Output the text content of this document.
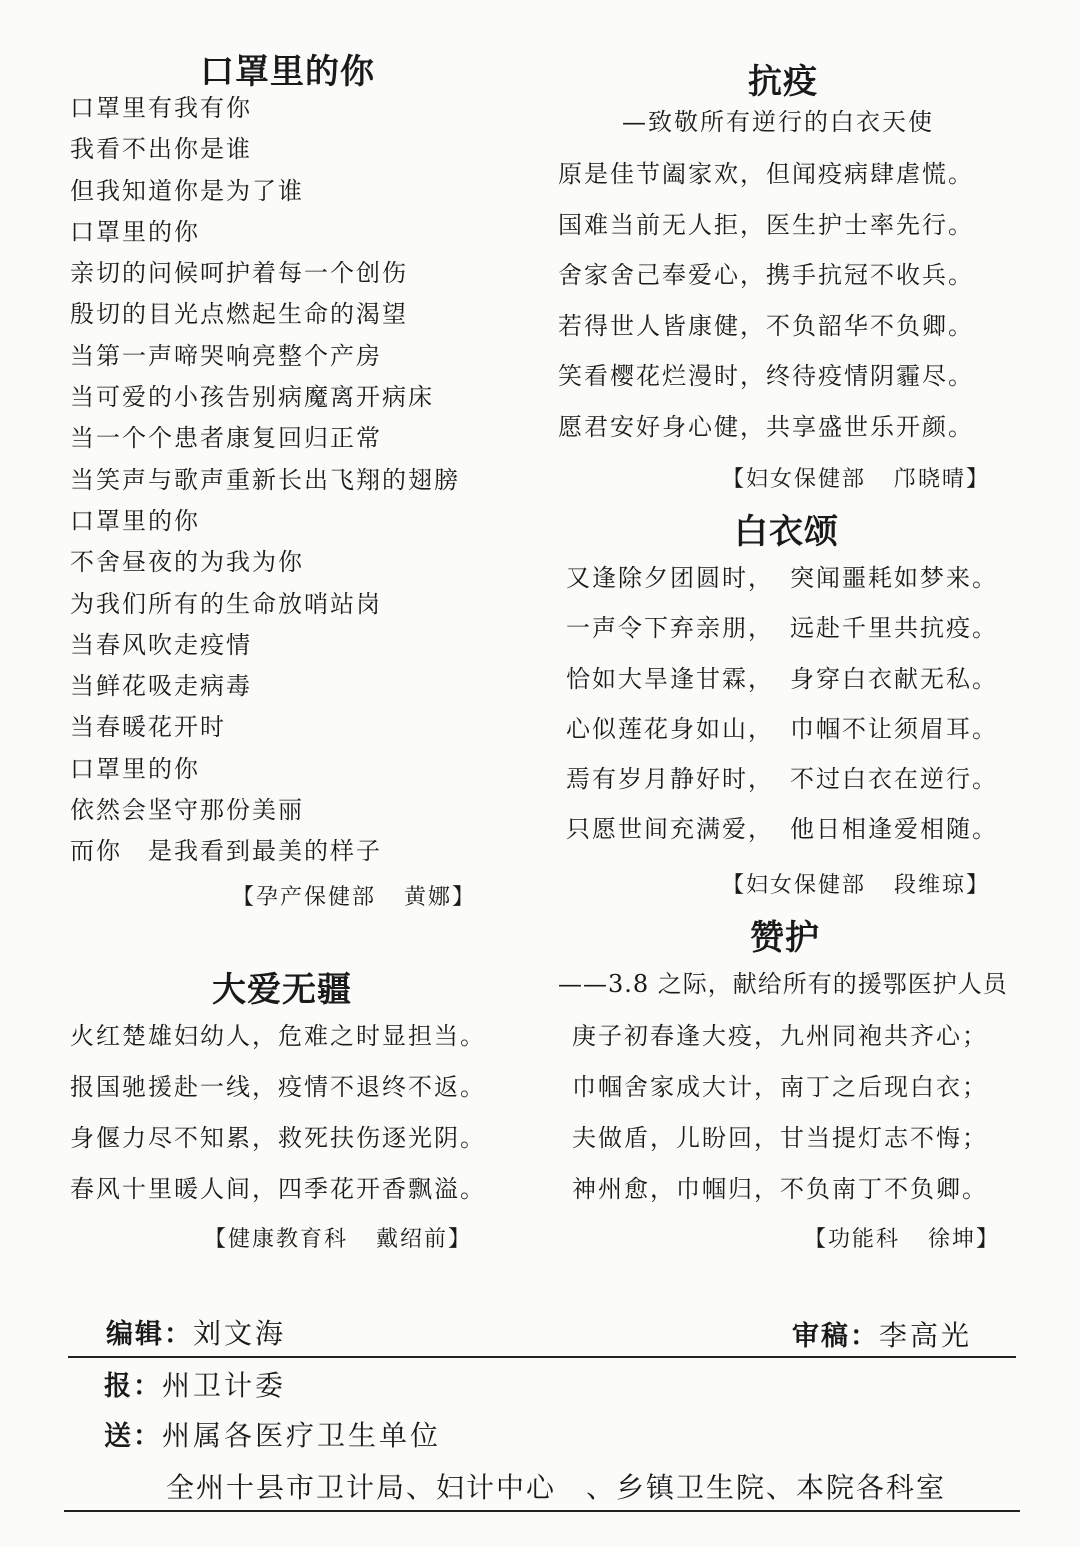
口罩里的你
口罩里有我有你
我看不出你是谁
但我知道你是为了谁
口罩里的你
亲切的问候呵护着每一个创伤
殷切的目光点燃起生命的渴望
当第一声啼哭响亮整个产房
当可爱的小孩告别病魔离开病床
当一个个患者康复回归正常
当笑声与歌声重新长出飞翔的翅膀
口罩里的你
不舍昼夜的为我为你
为我们所有的生命放哨站岗
当春风吹走疫情
当鲜花吸走病毒
当春暖花开时
口罩里的你
依然会坚守那份美丽
而你　是我看到最美的样子
【孕产保健部 黄娜】
抗疫
—致敬所有逆行的白衣天使
原是佳节阖家欢，但闻疫病肆虐慌。
国难当前无人拒，医生护士率先行。
舍家舍己奉爱心，携手抗冠不收兵。
若得世人皆康健，不负韶华不负卿。
笑看樱花烂漫时，终待疫情阴霾尽。
愿君安好身心健，共享盛世乐开颜。
【妇女保健部 邝晓晴】
白衣颂
又逢除夕团圆时， 突闻噩耗如梦来。
一声令下弃亲朋， 远赴千里共抗疫。
恰如大旱逢甘霖， 身穿白衣献无私。
心似莲花身如山， 巾帼不让须眉耳。
焉有岁月静好时， 不过白衣在逆行。
只愿世间充满爱， 他日相逢爱相随。
【妇女保健部 段维琼】
大爱无疆
火红楚雄妇幼人，危难之时显担当。
报国驰援赴一线，疫情不退终不返。
身偃力尽不知累，救死扶伤逐光阴。
春风十里暖人间，四季花开香飘溢。
【健康教育科 戴绍前】
赞护
——3.8 之际，献给所有的援鄂医护人员
庚子初春逢大疫，九州同袍共齐心；
巾帼舍家成大计，南丁之后现白衣；
夫做盾，儿盼回，甘当提灯志不悔；
神州愈，巾帼归，不负南丁不负卿。
【功能科 徐坤】
编辑：刘文海	审稿：李高光
报：州卫计委
送：州属各医疗卫生单位
全州十县市卫计局、妇计中心　、乡镇卫生院、本院各科室
